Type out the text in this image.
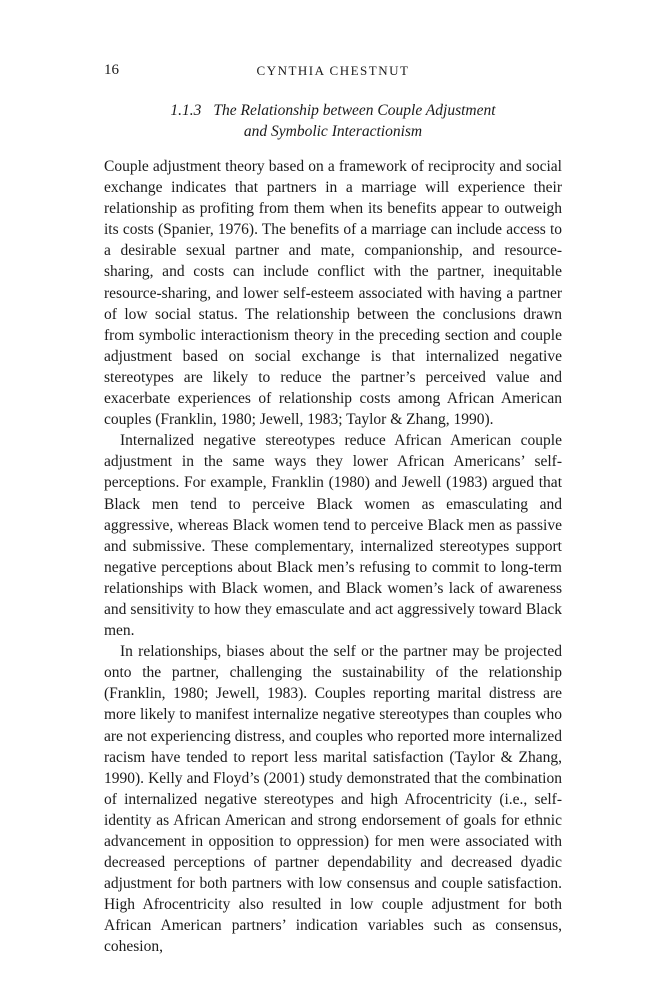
16	CYNTHIA CHESTNUT
1.1.3 The Relationship between Couple Adjustment
and Symbolic Interactionism

Couple adjustment theory based on a framework of reciprocity and social exchange indicates that partners in a marriage will experience their relationship as profiting from them when its benefits appear to outweigh its costs (Spanier, 1976). The benefits of a marriage can include access to a desirable sexual partner and mate, companionship, and resource-sharing, and costs can include conflict with the partner, inequitable resource-sharing, and lower self-esteem associated with having a partner of low social status. The relationship between the conclusions drawn from symbolic interactionism theory in the preceding section and couple adjustment based on social exchange is that internalized negative stereotypes are likely to reduce the partner’s perceived value and exacerbate experiences of relationship costs among African American couples (Franklin, 1980; Jewell, 1983; Taylor & Zhang, 1990).

Internalized negative stereotypes reduce African American couple adjustment in the same ways they lower African Americans’ self-perceptions. For example, Franklin (1980) and Jewell (1983) argued that Black men tend to perceive Black women as emasculating and aggressive, whereas Black women tend to perceive Black men as passive and submissive. These complementary, internalized stereotypes support negative perceptions about Black men’s refusing to commit to long-term relationships with Black women, and Black women’s lack of awareness and sensitivity to how they emasculate and act aggressively toward Black men.

In relationships, biases about the self or the partner may be projected onto the partner, challenging the sustainability of the relationship (Franklin, 1980; Jewell, 1983). Couples reporting marital distress are more likely to manifest internalize negative stereotypes than couples who are not experiencing distress, and couples who reported more internalized racism have tended to report less marital satisfaction (Taylor & Zhang, 1990). Kelly and Floyd’s (2001) study demonstrated that the combination of internalized negative stereotypes and high Afrocentricity (i.e., self-identity as African American and strong endorsement of goals for ethnic advancement in opposition to oppression) for men were associated with decreased perceptions of partner dependability and decreased dyadic adjustment for both partners with low consensus and couple satisfaction. High Afrocentricity also resulted in low couple adjustment for both African American partners’ indication variables such as consensus, cohesion,
